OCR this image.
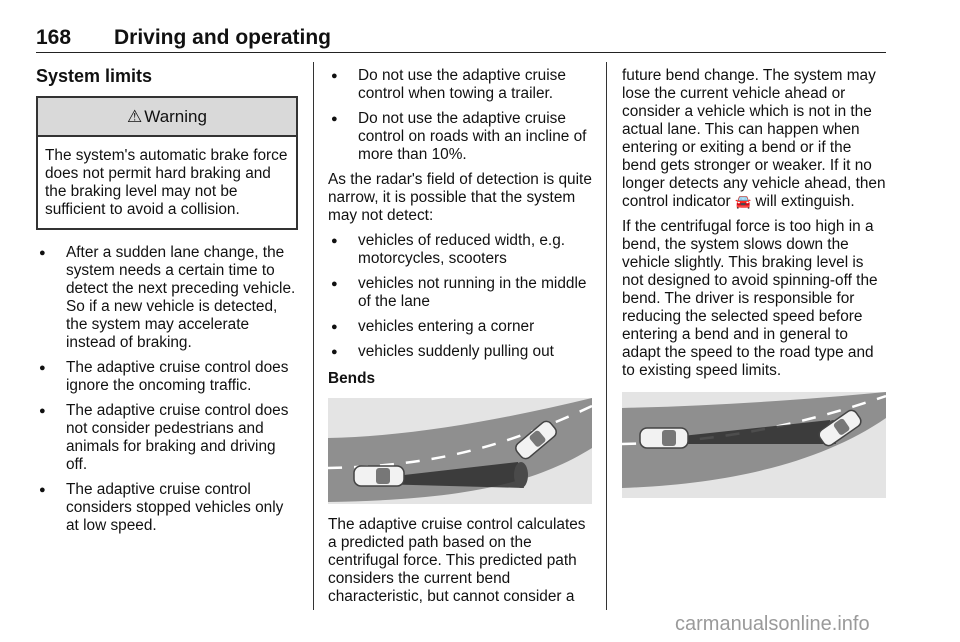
168 Driving and operating
System limits
⚠ Warning
The system's automatic brake force does not permit hard braking and the braking level may not be sufficient to avoid a collision.
● After a sudden lane change, the system needs a certain time to detect the next preceding vehicle. So if a new vehicle is detected, the system may accelerate instead of braking.
● The adaptive cruise control does ignore the oncoming traffic.
● The adaptive cruise control does not consider pedestrians and animals for braking and driving off.
● The adaptive cruise control considers stopped vehicles only at low speed.
● Do not use the adaptive cruise control when towing a trailer.
● Do not use the adaptive cruise control on roads with an incline of more than 10%.

As the radar's field of detection is quite narrow, it is possible that the system may not detect:

● vehicles of reduced width, e.g. motorcycles, scooters
● vehicles not running in the middle of the lane
● vehicles entering a corner
● vehicles suddenly pulling out
Bends

The adaptive cruise control calculates a predicted path based on the centrifugal force. This predicted path considers the current bend characteristic, but cannot consider a

future bend change. The system may lose the current vehicle ahead or consider a vehicle which is not in the actual lane. This can happen when entering or exiting a bend or if the bend gets stronger or weaker. If it no longer detects any vehicle ahead, then control indicator 🚘 will extinguish.

If the centrifugal force is too high in a bend, the system slows down the vehicle slightly. This braking level is not designed to avoid spinning-off the bend. The driver is responsible for reducing the selected speed before entering a bend and in general to adapt the speed to the road type and to existing speed limits.

carmanualsonline.info
